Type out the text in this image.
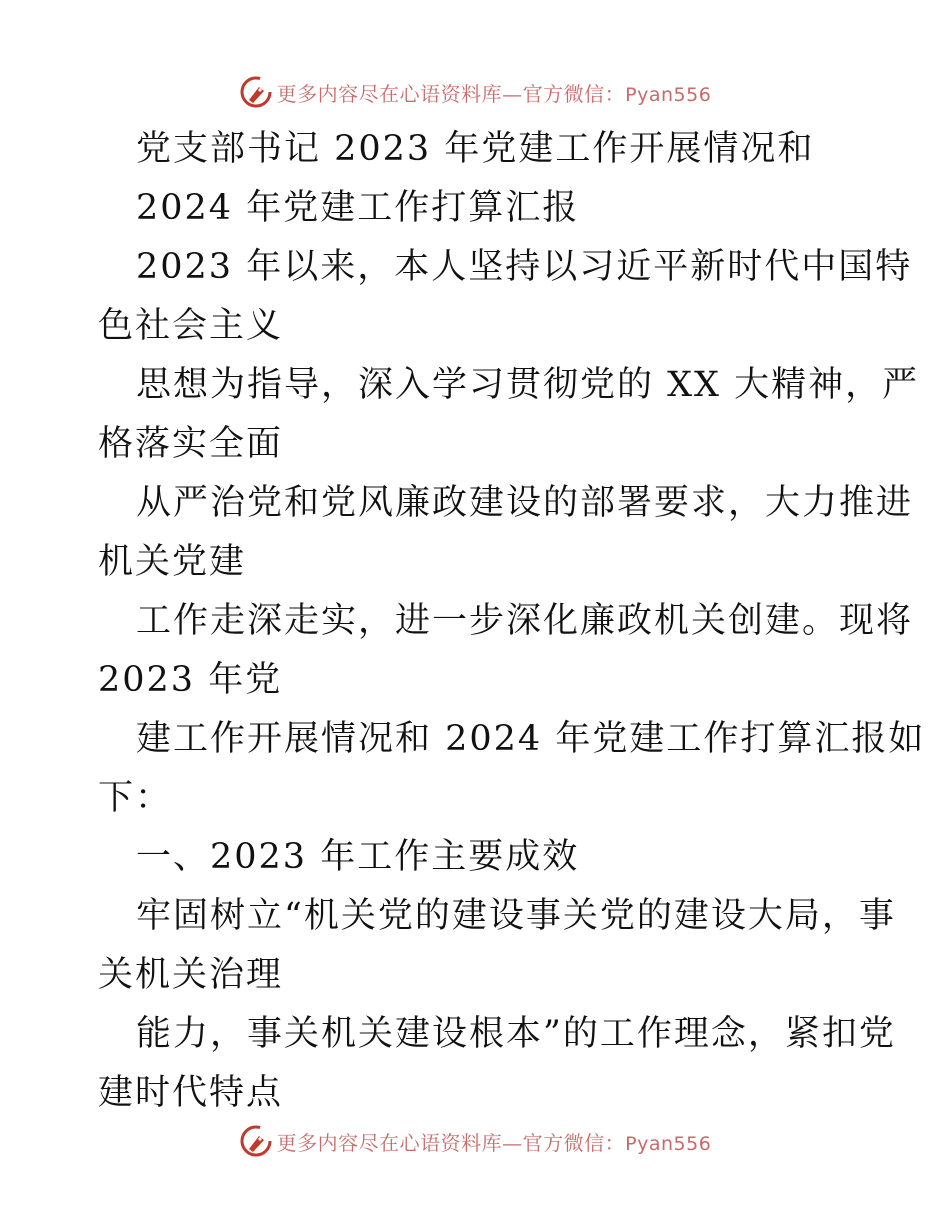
更多内容尽在心语资料库—官方微信：Pyan556
党支部书记 2023 年党建工作开展情况和
2024 年党建工作打算汇报
2023 年以来，本人坚持以习近平新时代中国特
色社会主义
思想为指导，深入学习贯彻党的 XX 大精神，严
格落实全面
从严治党和党风廉政建设的部署要求，大力推进
机关党建
工作走深走实，进一步深化廉政机关创建。现将
2023 年党
建工作开展情况和 2024 年党建工作打算汇报如
下：
一、2023 年工作主要成效
牢固树立“机关党的建设事关党的建设大局，事
关机关治理
能力，事关机关建设根本”的工作理念，紧扣党
建时代特点
更多内容尽在心语资料库—官方微信：Pyan556
